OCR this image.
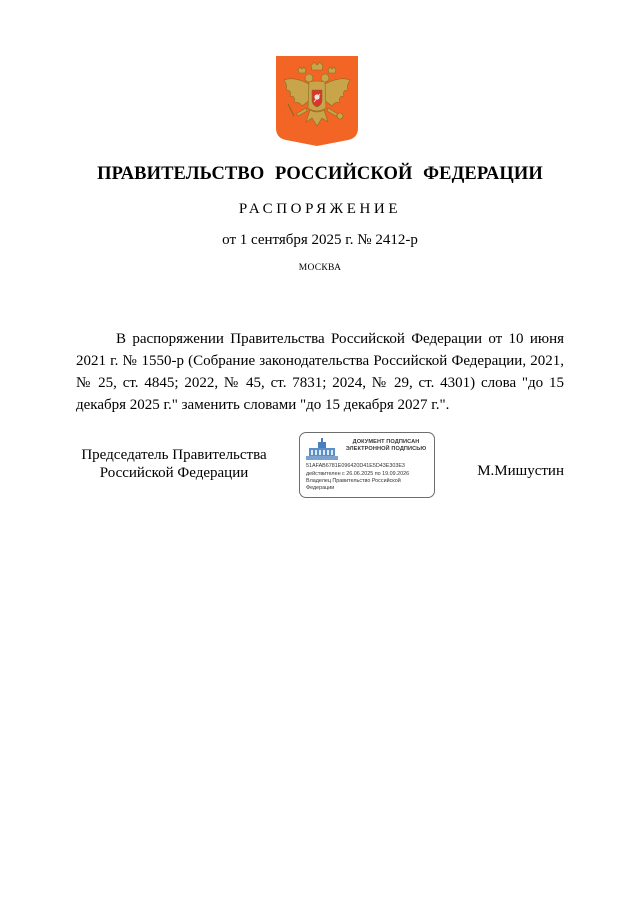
ПРАВИТЕЛЬСТВО РОССИЙСКОЙ ФЕДЕРАЦИИ
РАСПОРЯЖЕНИЕ
от 1 сентября 2025 г. № 2412-р
МОСКВА

В распоряжении Правительства Российской Федерации от 10 июня 2021 г. № 1550-р (Собрание законодательства Российской Федерации, 2021, № 25, ст. 4845; 2022, № 45, ст. 7831; 2024, № 29, ст. 4301) слова "до 15 декабря 2025 г." заменить словами "до 15 декабря 2027 г.".

Председатель Правительства
Российской Федерации
ДОКУМЕНТ ПОДПИСАН
ЭЛЕКТРОННОЙ ПОДПИСЬЮ
51AFAB6781E096420D41E5D43E303E3
действителен с 26.06.2025 по 19.09.2026
Владелец Правительство Российской
Федерации
М.Мишустин
